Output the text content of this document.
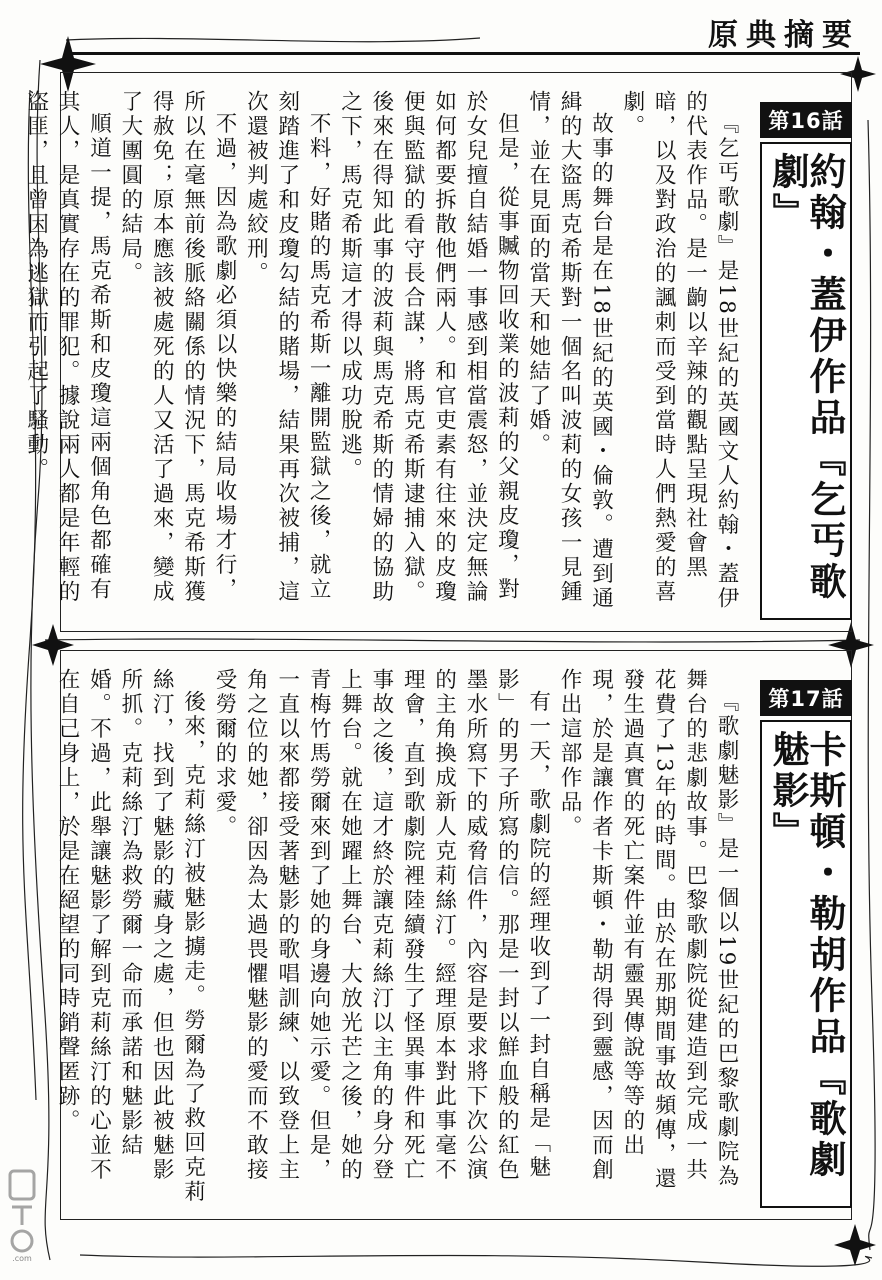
原典摘要
第16話
約翰・蓋伊作品『乞丐歌劇』

『乞丐歌劇』是18世紀的英國文人約翰・蓋伊的代表作品。是一齣以辛辣的觀點呈現社會黑暗，以及對政治的諷刺而受到當時人們熱愛的喜劇。

故事的舞台是在18世紀的英國・倫敦。遭到通緝的大盜馬克希斯對一個名叫波莉的女孩一見鍾情，並在見面的當天和她結了婚。

但是，從事贓物回收業的波莉的父親皮瓊，對於女兒擅自結婚一事感到相當震怒，並決定無論如何都要拆散他們兩人。和官吏素有往來的皮瓊便與監獄的看守長合謀，將馬克希斯逮捕入獄。後來在得知此事的波莉與馬克希斯的情婦的協助之下，馬克希斯這才得以成功脫逃。

不料，好賭的馬克希斯一離開監獄之後，就立刻踏進了和皮瓊勾結的賭場，結果再次被捕，這次還被判處絞刑。

不過，因為歌劇必須以快樂的結局收場才行，所以在毫無前後脈絡關係的情況下，馬克希斯獲得赦免；原本應該被處死的人又活了過來，變成了大團圓的結局。

順道一提，馬克希斯和皮瓊這兩個角色都確有其人，是真實存在的罪犯。據說兩人都是年輕的盜匪，且曾因為逃獄而引起了騷動。

第17話
卡斯頓・勒胡作品『歌劇魅影』

『歌劇魅影』是一個以19世紀的巴黎歌劇院為舞台的悲劇故事。巴黎歌劇院從建造到完成一共花費了13年的時間。由於在那期間事故頻傳，還發生過真實的死亡案件並有靈異傳說等等的出現，於是讓作者卡斯頓・勒胡得到靈感，因而創作出這部作品。

有一天，歌劇院的經理收到了一封自稱是「魅影」的男子所寫的信。那是一封以鮮血般的紅色墨水所寫下的威脅信件，內容是要求將下次公演的主角換成新人克莉絲汀。經理原本對此事毫不理會，直到歌劇院裡陸續發生了怪異事件和死亡事故之後，這才終於讓克莉絲汀以主角的身分登上舞台。就在她躍上舞台、大放光芒之後，她的青梅竹馬勞爾來到了她的身邊向她示愛。但是，一直以來都接受著魅影的歌唱訓練、以致登上主角之位的她，卻因為太過畏懼魅影的愛而不敢接受勞爾的求愛。

後來，克莉絲汀被魅影擄走。勞爾為了救回克莉絲汀，找到了魅影的藏身之處，但也因此被魅影所抓。克莉絲汀為救勞爾一命而承諾和魅影結婚。不過，此舉讓魅影了解到克莉絲汀的心並不在自己身上，於是在絕望的同時銷聲匿跡。

.com
